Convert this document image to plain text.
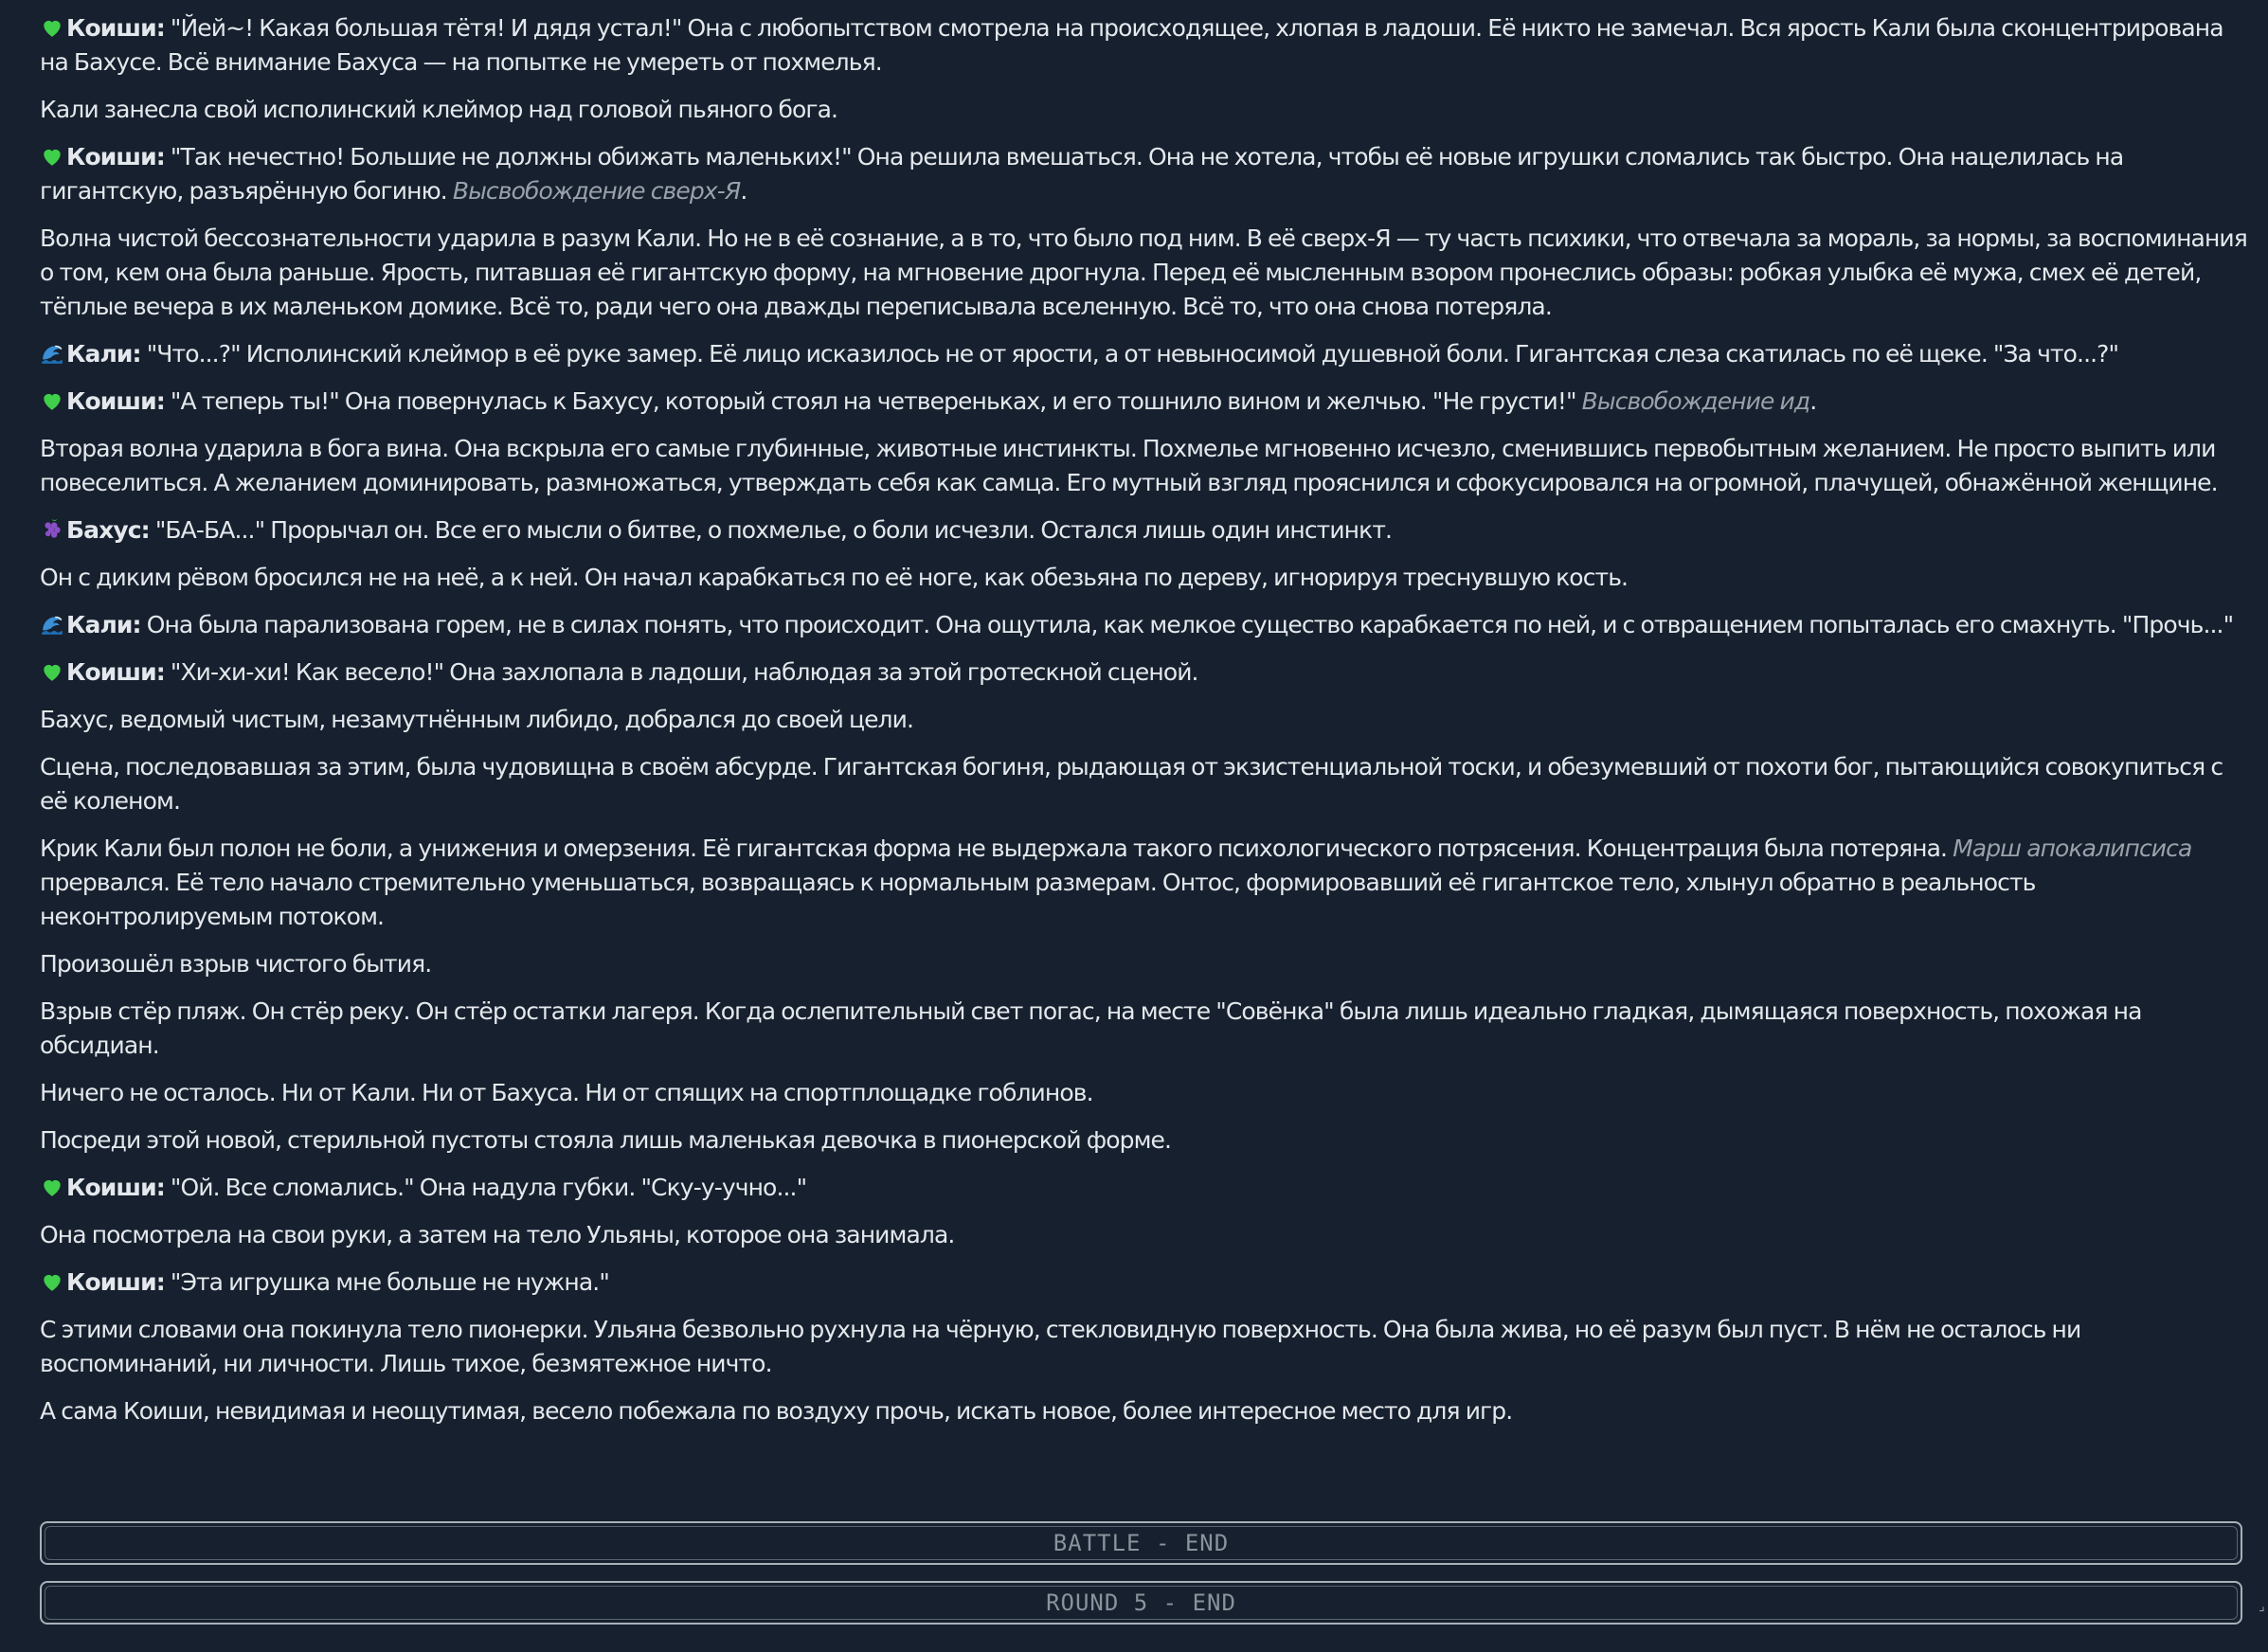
Коиши: "Йей~! Какая большая тётя! И дядя устал!" Она с любопытством смотрела на происходящее, хлопая в ладоши. Её никто не замечал. Вся ярость Кали была сконцентрирована на Бахусе. Всё внимание Бахуса — на попытке не умереть от похмелья.

Кали занесла свой исполинский клеймор над головой пьяного бога.

Коиши: "Так нечестно! Большие не должны обижать маленьких!" Она решила вмешаться. Она не хотела, чтобы её новые игрушки сломались так быстро. Она нацелилась на гигантскую, разъярённую богиню. Высвобождение сверх-Я.

Волна чистой бессознательности ударила в разум Кали. Но не в её сознание, а в то, что было под ним. В её сверх-Я — ту часть психики, что отвечала за мораль, за нормы, за воспоминания о том, кем она была раньше. Ярость, питавшая её гигантскую форму, на мгновение дрогнула. Перед её мысленным взором пронеслись образы: робкая улыбка её мужа, смех её детей, тёплые вечера в их маленьком домике. Всё то, ради чего она дважды переписывала вселенную. Всё то, что она снова потеряла.

Кали: "Что...?" Исполинский клеймор в её руке замер. Её лицо исказилось не от ярости, а от невыносимой душевной боли. Гигантская слеза скатилась по её щеке. "За что...?"

Коиши: "А теперь ты!" Она повернулась к Бахусу, который стоял на четвереньках, и его тошнило вином и желчью. "Не грусти!" Высвобождение ид.

Вторая волна ударила в бога вина. Она вскрыла его самые глубинные, животные инстинкты. Похмелье мгновенно исчезло, сменившись первобытным желанием. Не просто выпить или повеселиться. А желанием доминировать, размножаться, утверждать себя как самца. Его мутный взгляд прояснился и сфокусировался на огромной, плачущей, обнажённой женщине.

Бахус: "БА-БА..." Прорычал он. Все его мысли о битве, о похмелье, о боли исчезли. Остался лишь один инстинкт.

Он с диким рёвом бросился не на неё, а к ней. Он начал карабкаться по её ноге, как обезьяна по дереву, игнорируя треснувшую кость.

Кали: Она была парализована горем, не в силах понять, что происходит. Она ощутила, как мелкое существо карабкается по ней, и с отвращением попыталась его смахнуть. "Прочь..."

Коиши: "Хи-хи-хи! Как весело!" Она захлопала в ладоши, наблюдая за этой гротескной сценой.

Бахус, ведомый чистым, незамутнённым либидо, добрался до своей цели.

Сцена, последовавшая за этим, была чудовищна в своём абсурде. Гигантская богиня, рыдающая от экзистенциальной тоски, и обезумевший от похоти бог, пытающийся совокупиться с её коленом.

Крик Кали был полон не боли, а унижения и омерзения. Её гигантская форма не выдержала такого психологического потрясения. Концентрация была потеряна. Марш апокалипсиса прервался. Её тело начало стремительно уменьшаться, возвращаясь к нормальным размерам. Онтос, формировавший её гигантское тело, хлынул обратно в реальность неконтролируемым потоком.

Произошёл взрыв чистого бытия.

Взрыв стёр пляж. Он стёр реку. Он стёр остатки лагеря. Когда ослепительный свет погас, на месте "Совёнка" была лишь идеально гладкая, дымящаяся поверхность, похожая на обсидиан.

Ничего не осталось. Ни от Кали. Ни от Бахуса. Ни от спящих на спортплощадке гоблинов.

Посреди этой новой, стерильной пустоты стояла лишь маленькая девочка в пионерской форме.

Коиши: "Ой. Все сломались." Она надула губки. "Ску-у-учно..."

Она посмотрела на свои руки, а затем на тело Ульяны, которое она занимала.

Коиши: "Эта игрушка мне больше не нужна."

С этими словами она покинула тело пионерки. Ульяна безвольно рухнула на чёрную, стекловидную поверхность. Она была жива, но её разум был пуст. В нём не осталось ни воспоминаний, ни личности. Лишь тихое, безмятежное ничто.

А сама Коиши, невидимая и неощутимая, весело побежала по воздуху прочь, искать новое, более интересное место для игр.

BATTLE - END
ROUND 5 - END	⌟
